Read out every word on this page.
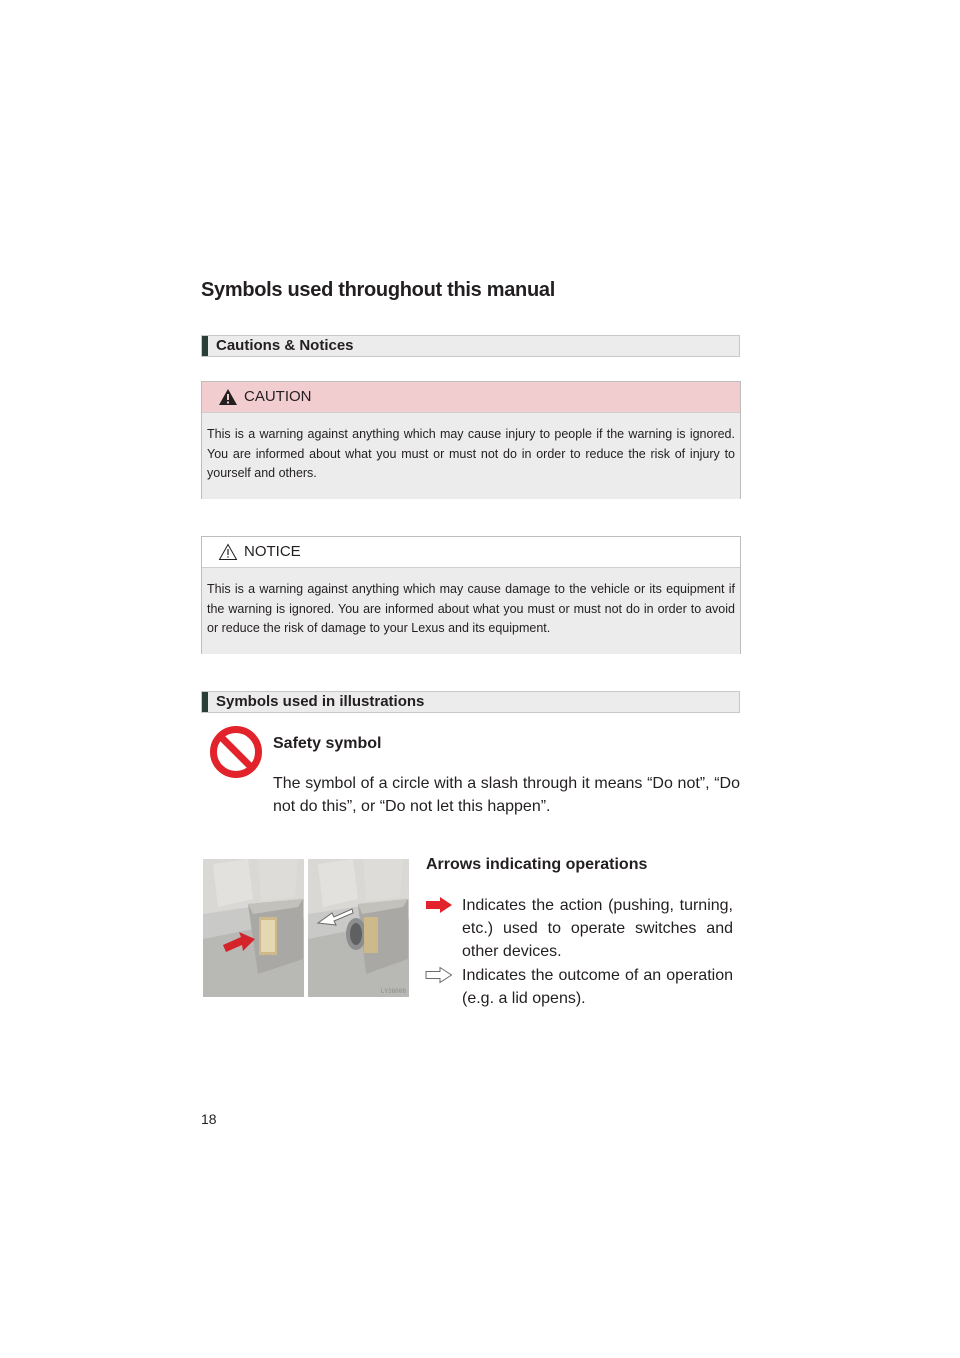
Symbols used throughout this manual
Cautions & Notices
CAUTION
This is a warning against anything which may cause injury to people if the warning is ignored. You are informed about what you must or must not do in order to reduce the risk of injury to yourself and others.
NOTICE
This is a warning against anything which may cause damage to the vehicle or its equipment if the warning is ignored. You are informed about what you must or must not do in order to avoid or reduce the risk of damage to your Lexus and its equipment.
Symbols used in illustrations
Safety symbol
The symbol of a circle with a slash through it means “Do not”, “Do not do this”, or “Do not let this happen”.
LY36008
Arrows indicating operations
Indicates the action (pushing, turning, etc.) used to operate switches and other devices.
Indicates the outcome of an operation (e.g. a lid opens).
18
